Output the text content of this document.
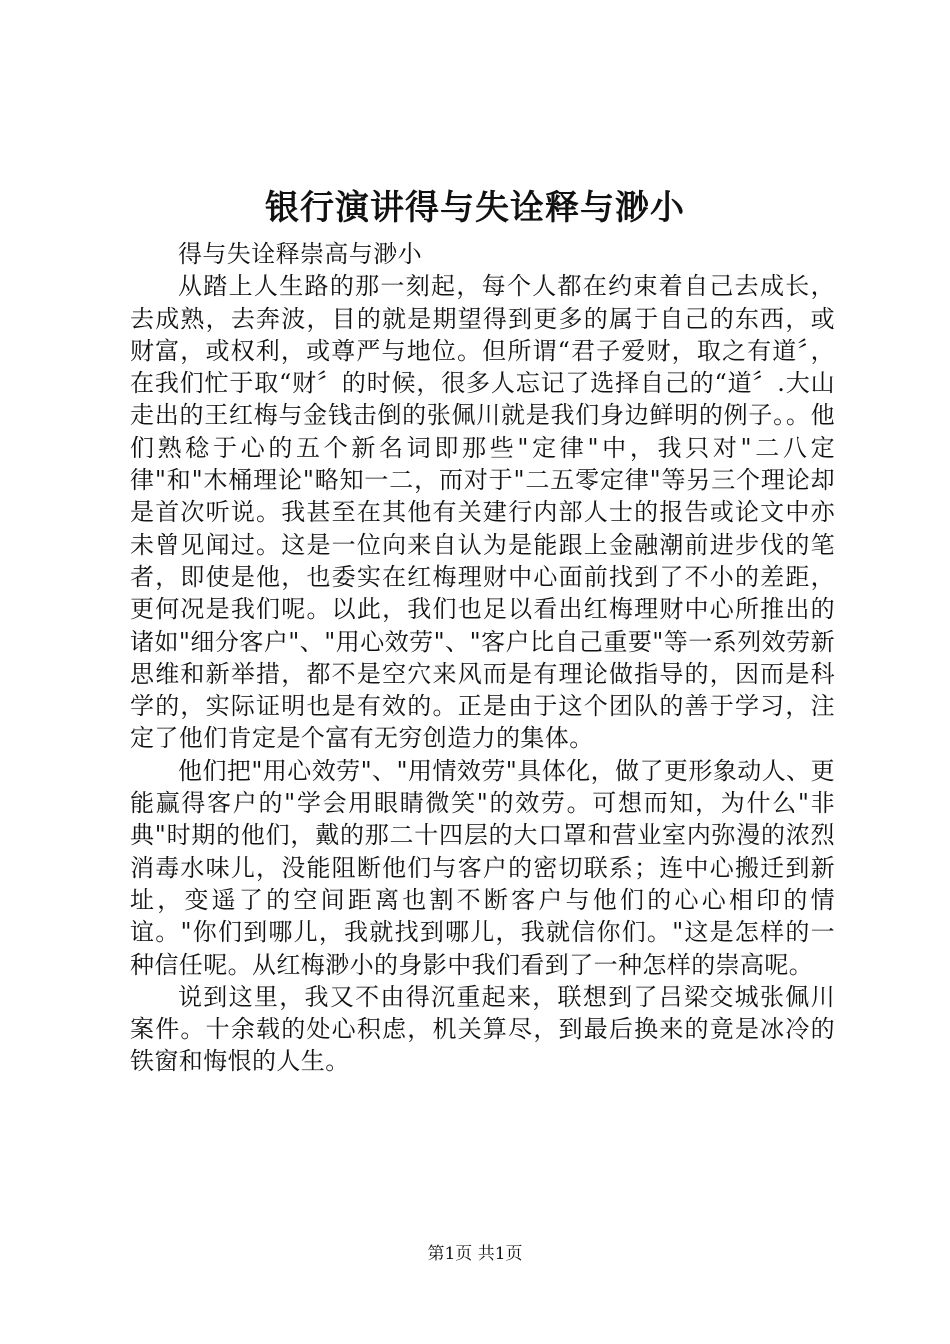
银行演讲得与失诠释与渺小

得与失诠释崇高与渺小

从踏上人生路的那一刻起，每个人都在约束着自己去成长，去成熟，去奔波，目的就是期望得到更多的属于自己的东西，或财富，或权利，或尊严与地位。但所谓“君子爱财，取之有道〞，在我们忙于取“财〞的时候，很多人忘记了选择自己的“道〞.大山走出的王红梅与金钱击倒的张佩川就是我们身边鲜明的例子。。他们熟稔于心的五个新名词即那些"定律"中，我只对"二八定律"和"木桶理论"略知一二，而对于"二五零定律"等另三个理论却是首次听说。我甚至在其他有关建行内部人士的报告或论文中亦未曾见闻过。这是一位向来自认为是能跟上金融潮前进步伐的笔者，即使是他，也委实在红梅理财中心面前找到了不小的差距，更何况是我们呢。以此，我们也足以看出红梅理财中心所推出的诸如"细分客户"、"用心效劳"、"客户比自己重要"等一系列效劳新思维和新举措，都不是空穴来风而是有理论做指导的，因而是科学的，实际证明也是有效的。正是由于这个团队的善于学习，注定了他们肯定是个富有无穷创造力的集体。

他们把"用心效劳"、"用情效劳"具体化，做了更形象动人、更能赢得客户的"学会用眼睛微笑"的效劳。可想而知，为什么"非典"时期的他们，戴的那二十四层的大口罩和营业室内弥漫的浓烈消毒水味儿，没能阻断他们与客户的密切联系；连中心搬迁到新址，变遥了的空间距离也割不断客户与他们的心心相印的情谊。"你们到哪儿，我就找到哪儿，我就信你们。"这是怎样的一种信任呢。从红梅渺小的身影中我们看到了一种怎样的崇高呢。

说到这里，我又不由得沉重起来，联想到了吕梁交城张佩川案件。十余载的处心积虑，机关算尽，到最后换来的竟是冰冷的铁窗和悔恨的人生。

第1页 共1页
